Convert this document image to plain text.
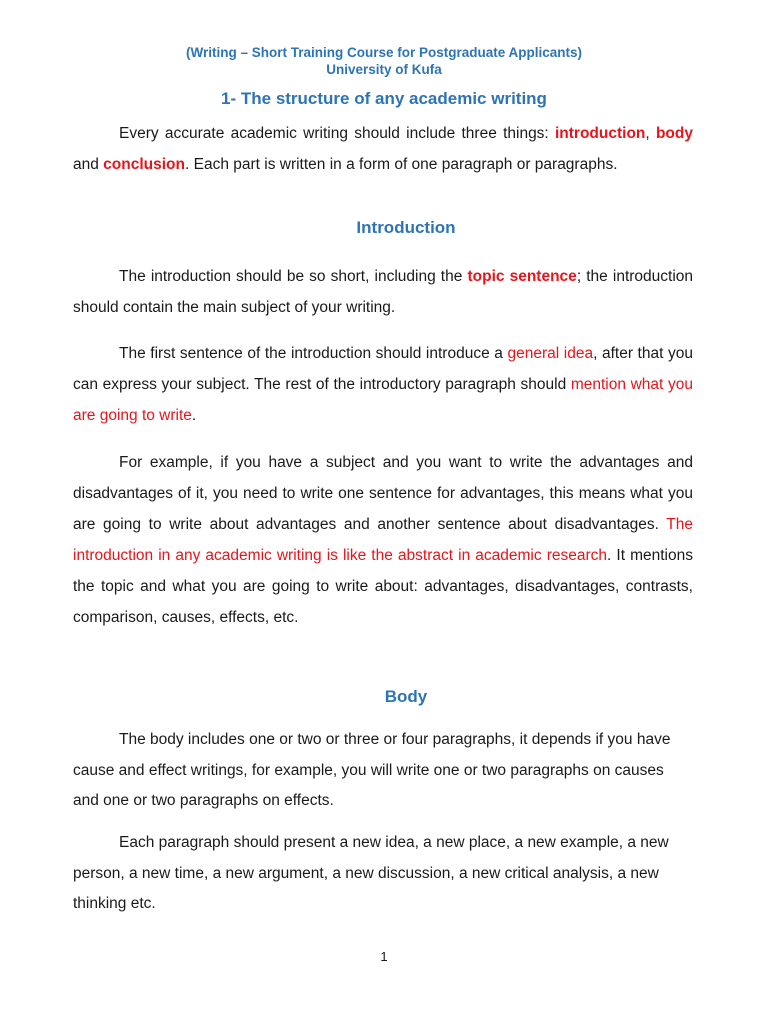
(Writing – Short Training Course for Postgraduate Applicants)
University of Kufa
1- The structure of any academic writing
Every accurate academic writing should include three things: introduction, body and conclusion. Each part is written in a form of one paragraph or paragraphs.
Introduction
The introduction should be so short, including the topic sentence; the introduction should contain the main subject of your writing.
The first sentence of the introduction should introduce a general idea, after that you can express your subject. The rest of the introductory paragraph should mention what you are going to write.
For example, if you have a subject and you want to write the advantages and disadvantages of it, you need to write one sentence for advantages, this means what you are going to write about advantages and another sentence about disadvantages. The introduction in any academic writing is like the abstract in academic research. It mentions the topic and what you are going to write about: advantages, disadvantages, contrasts, comparison, causes, effects, etc.
Body
The body includes one or two or three or four paragraphs, it depends if you have cause and effect writings, for example, you will write one or two paragraphs on causes and one or two paragraphs on effects.
Each paragraph should present a new idea, a new place, a new example, a new person, a new time, a new argument, a new discussion, a new critical analysis, a new thinking etc.
1
